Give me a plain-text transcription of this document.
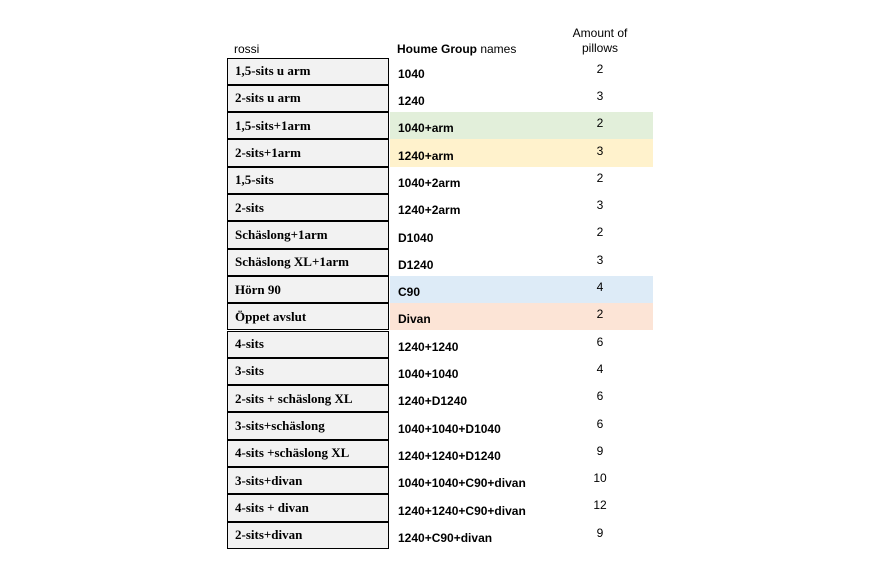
rossi	Houme Group names
Amount of
pillows
1,5-sits u arm	1040	2
2-sits u arm	1240	3
1,5-sits+1arm	1040+arm	2
2-sits+1arm	1240+arm	3
1,5-sits	1040+2arm	2
2-sits	1240+2arm	3
Schäslong+1arm	D1040	2
Schäslong XL+1arm	D1240	3
Hörn 90	C90	4
Öppet avslut	Divan	2
4-sits	1240+1240	6
3-sits	1040+1040	4
2-sits + schäslong XL	1240+D1240	6
3-sits+schäslong	1040+1040+D1040	6
4-sits +schäslong XL	1240+1240+D1240	9
3-sits+divan	1040+1040+C90+divan	10
4-sits + divan	1240+1240+C90+divan	12
2-sits+divan	1240+C90+divan	9
